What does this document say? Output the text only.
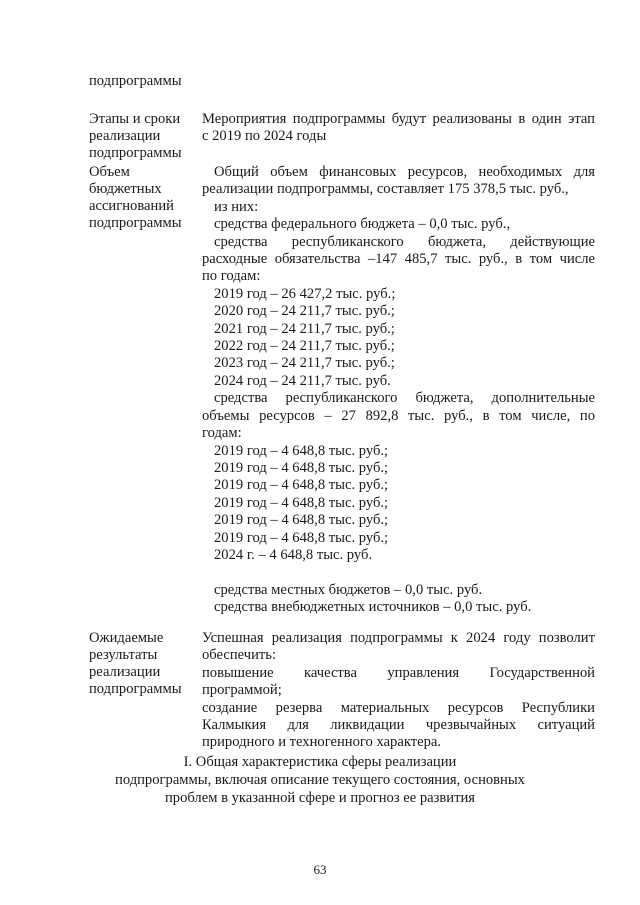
подпрограммы
Этапы и сроки
реализации
подпрограммы
Мероприятия подпрограммы будут реализованы в один этап
с 2019 по 2024 годы
Объем
бюджетных
ассигнований
подпрограммы
Общий объем финансовых ресурсов, необходимых для
реализации подпрограммы, составляет 175 378,5 тыс. руб.,
из них:
средства федерального бюджета – 0,0 тыс. руб.,
средства республиканского бюджета, действующие
расходные обязательства –147 485,7 тыс. руб., в том числе
по годам:
2019 год – 26 427,2 тыс. руб.;
2020 год – 24 211,7 тыс. руб.;
2021 год – 24 211,7 тыс. руб.;
2022 год – 24 211,7 тыс. руб.;
2023 год – 24 211,7 тыс. руб.;
2024 год – 24 211,7 тыс. руб.
средства республиканского бюджета, дополнительные
объемы ресурсов – 27 892,8 тыс. руб., в том числе, по
годам:
2019 год – 4 648,8 тыс. руб.;
2019 год – 4 648,8 тыс. руб.;
2019 год – 4 648,8 тыс. руб.;
2019 год – 4 648,8 тыс. руб.;
2019 год – 4 648,8 тыс. руб.;
2019 год – 4 648,8 тыс. руб.;
2024 г. – 4 648,8 тыс. руб.
средства местных бюджетов – 0,0 тыс. руб.
средства внебюджетных источников – 0,0 тыс. руб.
Ожидаемые
результаты
реализации
подпрограммы
Успешная реализация подпрограммы к 2024 году позволит
обеспечить:
повышение качества управления Государственной
программой;
создание резерва материальных ресурсов Республики
Калмыкия для ликвидации чрезвычайных ситуаций
природного и техногенного характера.
I. Общая характеристика сферы реализации
подпрограммы, включая описание текущего состояния, основных
проблем в указанной сфере и прогноз ее развития
63
